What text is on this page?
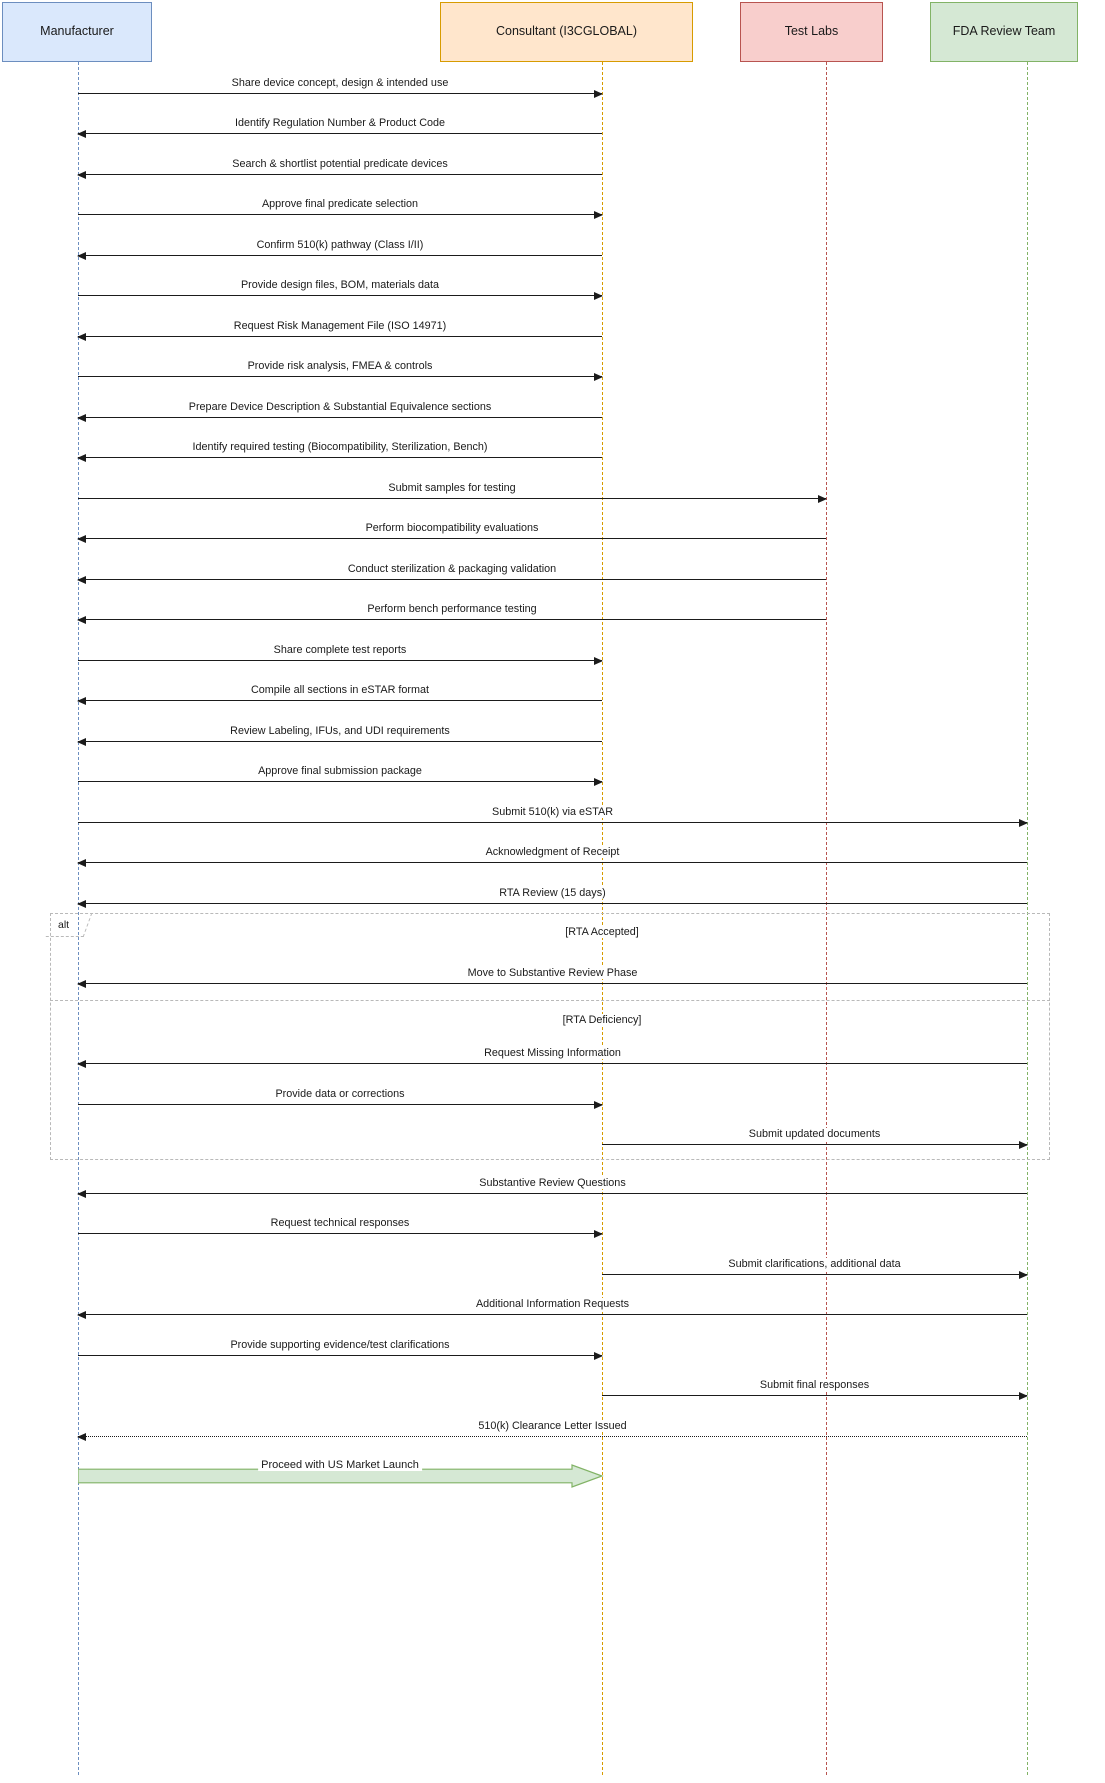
alt
[RTA Accepted]
[RTA Deficiency]
Manufacturer	Consultant (I3CGLOBAL)	Test Labs	FDA Review Team
Share device concept, design & intended use
Identify Regulation Number & Product Code
Search & shortlist potential predicate devices
Approve final predicate selection
Confirm 510(k) pathway (Class I/II)
Provide design files, BOM, materials data
Request Risk Management File (ISO 14971)
Provide risk analysis, FMEA & controls
Prepare Device Description & Substantial Equivalence sections
Identify required testing (Biocompatibility, Sterilization, Bench)
Submit samples for testing
Perform biocompatibility evaluations
Conduct sterilization & packaging validation
Perform bench performance testing
Share complete test reports
Compile all sections in eSTAR format
Review Labeling, IFUs, and UDI requirements
Approve final submission package
Submit 510(k) via eSTAR
Acknowledgment of Receipt
RTA Review (15 days)
Move to Substantive Review Phase
Request Missing Information
Provide data or corrections
Submit updated documents
Substantive Review Questions
Request technical responses
Submit clarifications, additional data
Additional Information Requests
Provide supporting evidence/test clarifications
Submit final responses
510(k) Clearance Letter Issued
Proceed with US Market Launch
